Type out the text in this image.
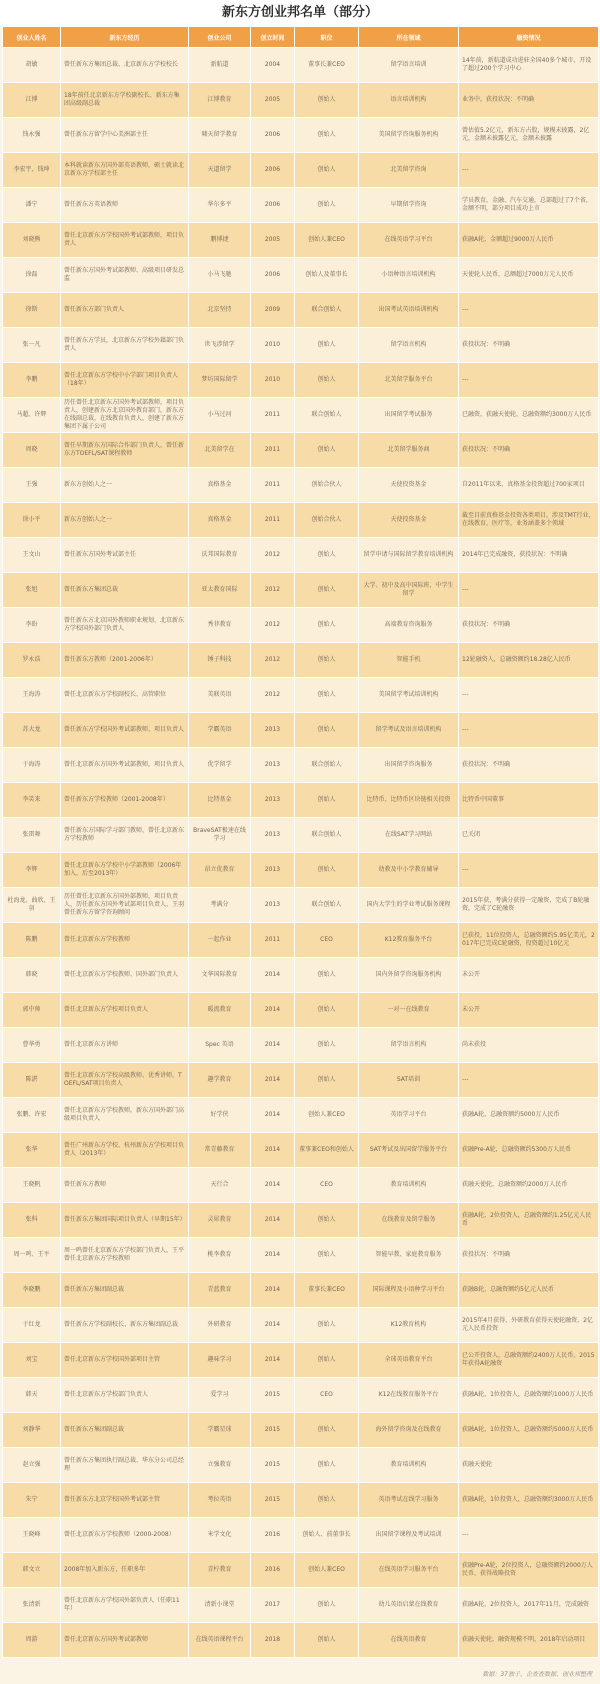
新东方创业邦名单（部分）
创业人姓名	新东方经历	创业公司	创立时间	职位	所在领域	融资情况
胡敏	曾任新东方集团总裁、北京新东方学校校长	新航道	2004	董事长兼CEO	留学语言培训	14年前，新航道成功进驻全国40多个城市，开设了超过200个学习中心
江博	18年前任北京新东方学校副校长、新东方集团高级副总裁	江博教育	2005	创始人	语言培训机构	业务中，获投状况：不明确
钱永强	曾任新东方留学中心美洲部主任	啸天留学教育	2006	创始人	美国留学咨询服务机构	曾估值5.2亿元，新东方占股，规模未披露，2亿元，金额未披露亿元，金额未披露
李宏宇、钱坤	本科就读新东方国外部英语教师，硕士就读北京新东方学校部主任	天道留学	2006	创始人	北美留学咨询	---
潘宁	曾任新东方英语教师	华尔多平	2006	创始人	早期留学咨询	学员教育，金融、汽车交通，总部超过了7个省，金额不明，部分项目成功上市
刘晓熊	曾任北京新东方学校国外考试部教师，项目负责人	鹏博捷	2005	创始人兼CEO	在线英语学习平台	获融A轮，金额超过9000万人民币
徐磊	曾任新东方国外考试部教师、高级项目研发总监	小马飞驰	2006	创始人及董事长	小语种语言培训机构	天使轮人民币，总额超过7000万元人民币
徐斯	曾任新东方部门负责人	北京坚持	2009	联合创始人	出国考试英语培训机构	---
张一凡	曾任新东方学员，北京新东方学校外籍部门负责人	世飞涉留学	2010	创始人	留学语言机构	获投状况：不明确
李鹏	曾任北京新东方学校中小学部门项目负责人（18年）	梦坊国际留学	2010	创始人	北美留学服务平台	---
马超、许辉	历任曾任北京新东方国外考试部教师，项目负责人，创建新东方北京国外教育部门，新东方在线副总裁，在线教育负责人，创建了新东方集团下属子公司	小马过河	2011	联合创始人	出国留学考试服务	已融资，获融天使轮，总融资额约3000万人民币
周晓	曾任早期新东方国际合作部门负责人，曾任新东方TOEFL/SAT课程教师	北美留学在	2011	创始人	北美留学服务商	获投状况：不明确
王强	新东方创始人之一	真格基金	2011	创始合伙人	天使投资基金	自2011年以来，真格基金投资超过700家项目
徐小平	新东方创始人之一	真格基金	2011	创始合伙人	天使投资基金	截至目前真格基金投资各类项目，涉及TMT行业，在线教育，医疗等，业务涵盖多个领域
王文山	曾任新东方国外考试部主任	沃邦国际教育	2012	创始人	留学申请与国际留学教育培训机构	2014年已完成融资，获投状况：不明确
张旭	曾任新东方集团总裁	亚太教育国际	2012	创始人	大学、初中及高中国际班，中学生留学	---
李盼	曾任新东方北京国外教师职业规划、北京新东方学校国外部门负责人	秀菲教育	2012	创始人	高端教育咨询服务	获投状况：不明确
罗永浩	曾任新东方教师（2001-2006年）	锤子科技	2012	创始人	智能手机	12轮融资人，总融资额约18.28亿人民币
王海涛	曾任北京新东方学校副校长、高管职位	美联英语	2012	创始人	美国留学考试培训机构	---
苏大龙	曾任新东方学校国外考试部教师、项目负责人	学霸英语	2013	创始人	留学考试及语言培训机构	---
于海涛	曾任北京新东方国外考试部教师，项目负责人	优学留学	2013	联合创始人	出国留学咨询服务	获投状况：不明确
李笑来	曾任新东方学校教师（2001-2008年）	比特基金	2013	创始人	比特币、比特币区块链相关投资	比特币中国董事
张雷舞	曾任新东方国际学习部门教师，曾任北京新东方学校教师	BraveSAT极速在线学习	2013	联合创始人	在线SAT学习网站	已关闭
李辉	曾任北京新东方学校中小学部教师（2006年加入，后至2013年）	昂立优教育	2013	创始人	幼教及中小学教育辅导	---
杜海龙、曲欣、王羽	历任曾任北京新东方国外部教师，项目负责人，历任新东方国外考试部项目负责人，王羽曾任新东方留学咨询顾问	考满分	2013	联合创始人	国内大学生的学业考试服务课程	2015年获，考满分获得一定融资，完成了B轮融资，完成了C轮融资
陈鹏	曾任北京新东方学校教师	一起作业	2011	CEO	K12教育服务平台	已获投，11位投资人，总融资额约5.95亿美元，2017年已完成C轮融资，投资超过10亿元
韩晓	曾任北京新东方学校教师、国外部门负责人	文华国际教育	2014	创始人	国内外留学咨询服务机构	未公开
郭中帅	曾任北京新东方学校项目负责人	暖流教育	2014	创始人	一对一在线教育	未公开
曹华勇	曾任北京新东方讲师	Spec 英语	2014	创始人	留学语言机构	尚未获投
陈湛	曾任北京新东方学校高级教师、优秀讲师，TOEFL/SAT项目负责人	趣学教育	2014	创始人	SAT培训	---
张鹏、许宏	曾任北京新东方学校教师，新东方国外部门高级项目负责人	好学侠	2014	创始人兼CEO	英语学习平台	获融A轮，总融资额约5000万人民币
张华	曾任广州新东方学校、杭州新东方学校项目负责人（2013年）	常青藤教育	2014	董事兼CEO和创始人	SAT考试及出国留学服务平台	获融Pre-A轮，总融资额约5300万人民币
王晓帆	曾任新东方教师	天行合	2014	CEO	教育培训机构	获融天使轮，总融资额约2000万人民币
张科	曾任新东方集团国际项目负责人（早期15年）	灵犀教育	2014	创始人	在线教育及留学服务	获融A轮，2位投资人，总融资额约1.25亿元人民币
周一鸣、王平	周一鸣曾任北京新东方学校部门负责人，王平曾任北京新东方学校教师	桃李教育	2014	创始人	智能早教、家庭教育服务	获投状况：不明确
李晓鹏	曾任新东方集团副总裁	青蓝教育	2014	董事长兼CEO	国际课程及小语种学习平台	获融B轮，总融资额约5亿元人民币
于红龙	曾任新东方学校副校长、新东方集团副总裁	外研教育	2014	创始人	K12教育机构	2015年4月获得，外研教育获得天使轮融资，2亿元人民币投资
刘宝	曾任北京新东方学校国外部项目主管	趣味学习	2014	创始人	全球英语教育平台	已公开投资人，总融资额约2400万人民币，2015年获得A轮融资
韩天	曾任北京新东方学校部门负责人	爱学习	2015	CEO	K12在线教育服务平台	获融A轮，1位投资人，总融资额约1000万人民币
刘静华	曾任新东方集团副总裁	学霸星球	2015	创始人	海外留学咨询及在线教育	获融A轮，1位投资人，总融资额约5000万人民币
赵立强	曾任新东方集团执行副总裁、华东分公司总经理	立强教育	2015	创始人	教育培训机构	获融天使轮
朱宁	曾任新东方北京学校国外考试部主管	考拉英语	2015	创始人	英语考试在线学习服务	获融A轮，1位投资人，总融资额约3000万人民币
王晓峰	曾任北京新东方学校教师（2000-2008）	米学文化	2016	创始人、前董事长	出国留学课程及考试培训	---
韩文立	2008年加入新东方，任职多年	青柠教育	2016	创始人兼CEO	在线英语学习服务平台	获融Pre-A轮，2位投资人，总融资额约2000万人民币，获得战略投资
张清新	曾任北京新东方学校国外部负责人（任职11年）	清新小课堂	2017	创始人	幼儿英语启蒙在线教育	获融A轮，2位投资人，2017年11月，完成融资
周游	曾任北京新东方国外考试部教师	在线英语课程平台	2018	创始人	在线英语教育	获融天使轮，融资规模不明，2018年启动项目
数据：37独子、企查查数据、创业邦整理
